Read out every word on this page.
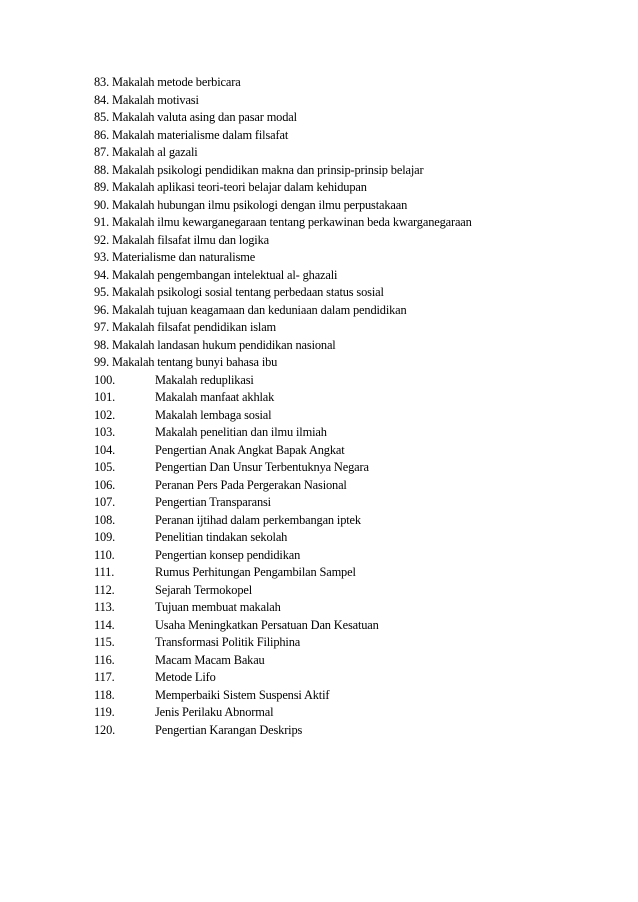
83. Makalah metode berbicara
84. Makalah motivasi
85. Makalah valuta asing dan pasar modal
86. Makalah materialisme dalam filsafat
87. Makalah al gazali
88. Makalah psikologi pendidikan makna dan prinsip-prinsip belajar
89. Makalah aplikasi teori-teori belajar dalam kehidupan
90. Makalah hubungan ilmu psikologi dengan ilmu perpustakaan
91. Makalah ilmu kewarganegaraan tentang perkawinan beda kwarganegaraan
92. Makalah filsafat ilmu dan logika
93. Materialisme dan naturalisme
94. Makalah pengembangan intelektual al- ghazali
95. Makalah psikologi sosial tentang perbedaan status sosial
96. Makalah tujuan keagamaan dan keduniaan dalam pendidikan
97. Makalah filsafat pendidikan islam
98. Makalah landasan hukum pendidikan nasional
99. Makalah tentang bunyi bahasa ibu
100.	Makalah reduplikasi
101.	Makalah manfaat akhlak
102.	Makalah lembaga sosial
103.	Makalah penelitian dan ilmu ilmiah
104.	Pengertian Anak Angkat Bapak Angkat
105.	Pengertian Dan Unsur Terbentuknya Negara
106.	Peranan Pers Pada Pergerakan Nasional
107.	Pengertian Transparansi
108.	Peranan ijtihad dalam perkembangan iptek
109.	Penelitian tindakan sekolah
110.	Pengertian konsep pendidikan
111.	Rumus Perhitungan Pengambilan Sampel
112.	Sejarah Termokopel
113.	Tujuan membuat makalah
114.	Usaha Meningkatkan Persatuan Dan Kesatuan
115.	Transformasi Politik Filiphina
116.	Macam Macam Bakau
117.	Metode Lifo
118.	Memperbaiki Sistem Suspensi Aktif
119.	Jenis Perilaku Abnormal
120.	Pengertian Karangan Deskrips
